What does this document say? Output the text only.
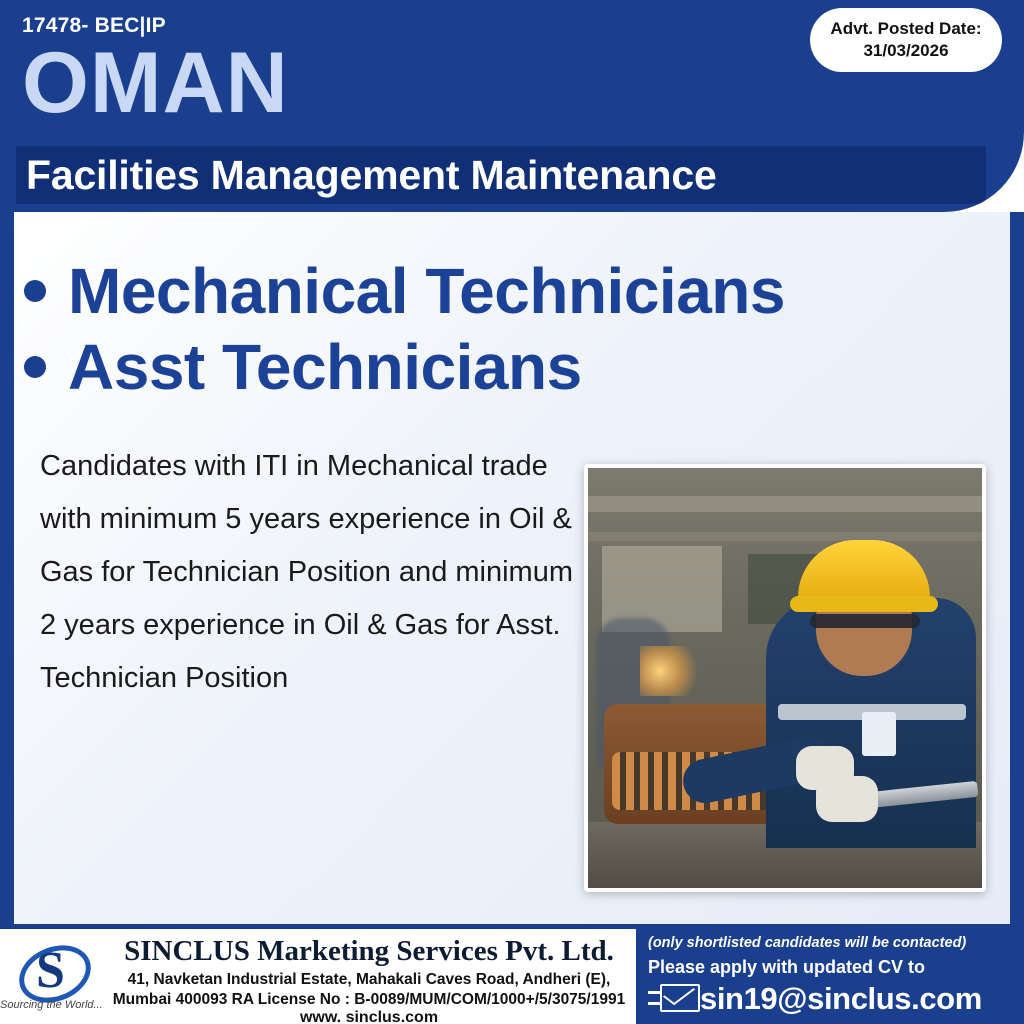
17478- BEC|IP
OMAN
Facilities Management Maintenance
Advt. Posted Date:
31/03/2026
Mechanical Technicians
Asst Technicians
Candidates with ITI in Mechanical trade with minimum 5 years experience in Oil & Gas for Technician Position and minimum 2 years experience in Oil & Gas for Asst. Technician Position
S
Sourcing the World...
SINCLUS Marketing Services Pvt. Ltd.
41, Navketan Industrial Estate, Mahakali Caves Road, Andheri (E),
Mumbai 400093 RA License No : B-0089/MUM/COM/1000+/5/3075/1991
www. sinclus.com
(only shortlisted candidates will be contacted)
Please apply with updated CV to
sin19@sinclus.com
